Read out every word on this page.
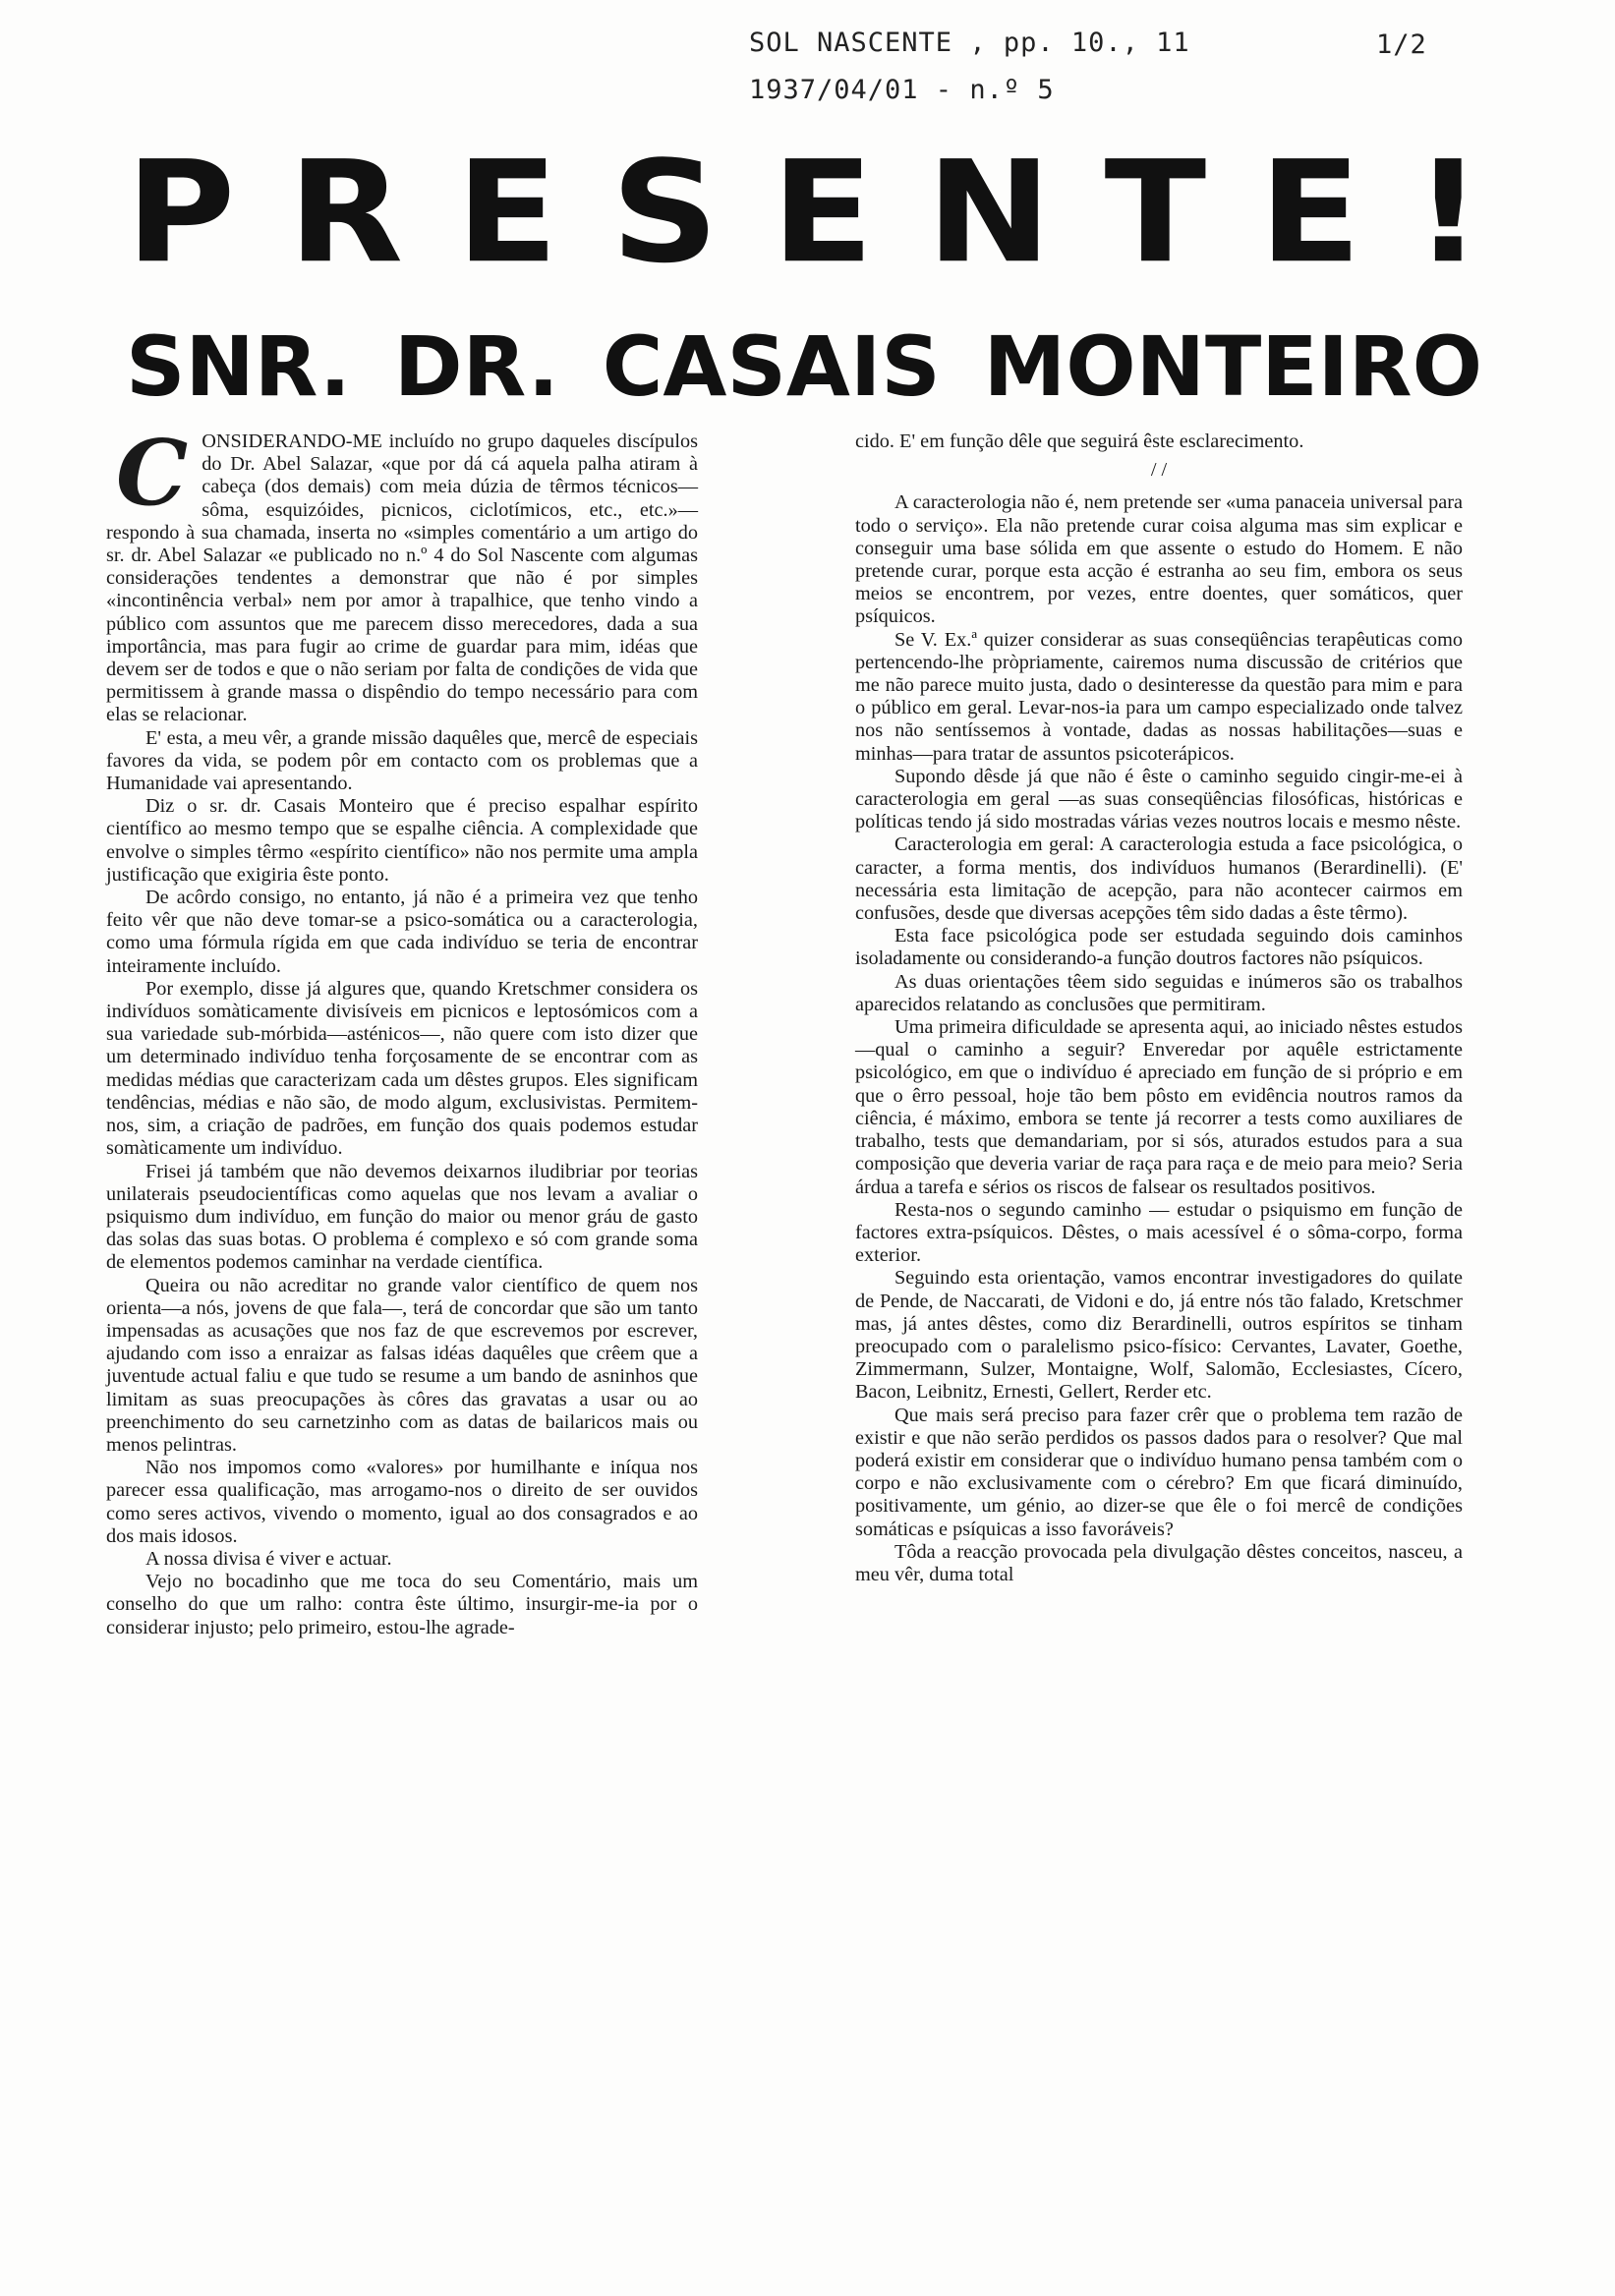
SOL NASCENTE , pp. 10., 11	1/2
1937/04/01 - n.º 5
P R E S E N T E !
SNR. DR. CASAIS MONTEIRO

CONSIDERANDO-ME incluído no grupo daqueles discípulos do Dr. Abel Salazar, «que por dá cá aquela palha atiram à cabeça (dos demais) com meia dúzia de têrmos técnicos—sôma, esquizóides, picnicos, ciclotímicos, etc., etc.»—respondo à sua chamada, inserta no «simples comentário a um artigo do sr. dr. Abel Salazar «e publicado no n.º 4 do Sol Nascente com algumas considerações tendentes a demonstrar que não é por simples «incontinência verbal» nem por amor à trapalhice, que tenho vindo a público com assuntos que me parecem disso merecedores, dada a sua importância, mas para fugir ao crime de guardar para mim, idéas que devem ser de todos e que o não seriam por falta de condições de vida que permitissem à grande massa o dispêndio do tempo necessário para com elas se relacionar.

E' esta, a meu vêr, a grande missão daquêles que, mercê de especiais favores da vida, se podem pôr em contacto com os problemas que a Humanidade vai apresentando.

Diz o sr. dr. Casais Monteiro que é preciso espalhar espírito científico ao mesmo tempo que se espalhe ciência. A complexidade que envolve o simples têrmo «espírito científico» não nos permite uma ampla justificação que exigiria êste ponto.

De acôrdo consigo, no entanto, já não é a primeira vez que tenho feito vêr que não deve tomar-se a psico-somática ou a caracterologia, como uma fórmula rígida em que cada indivíduo se teria de encontrar inteiramente incluído.

Por exemplo, disse já algures que, quando Kretschmer considera os indivíduos somàticamente divisíveis em picnicos e leptosómicos com a sua variedade sub-mórbida—asténicos—, não quere com isto dizer que um determinado indivíduo tenha forçosamente de se encontrar com as medidas médias que caracterizam cada um dêstes grupos. Eles significam tendências, médias e não são, de modo algum, exclusivistas. Permitem-nos, sim, a criação de padrões, em função dos quais podemos estudar somàticamente um indivíduo.

Frisei já também que não devemos deixarnos iludibriar por teorias unilaterais pseudocientíficas como aquelas que nos levam a avaliar o psiquismo dum indivíduo, em função do maior ou menor gráu de gasto das solas das suas botas. O problema é complexo e só com grande soma de elementos podemos caminhar na verdade científica.

Queira ou não acreditar no grande valor científico de quem nos orienta—a nós, jovens de que fala—, terá de concordar que são um tanto impensadas as acusações que nos faz de que escrevemos por escrever, ajudando com isso a enraizar as falsas idéas daquêles que crêem que a juventude actual faliu e que tudo se resume a um bando de asninhos que limitam as suas preocupações às côres das gravatas a usar ou ao preenchimento do seu carnetzinho com as datas de bailaricos mais ou menos pelintras.

Não nos impomos como «valores» por humilhante e iníqua nos parecer essa qualificação, mas arrogamo-nos o direito de ser ouvidos como seres activos, vivendo o momento, igual ao dos consagrados e ao dos mais idosos.

A nossa divisa é viver e actuar.

Vejo no bocadinho que me toca do seu Comentário, mais um conselho do que um ralho: contra êste último, insurgir-me-ia por o considerar injusto; pelo primeiro, estou-lhe agrade-

cido. E' em função dêle que seguirá êste esclarecimento.

/ /

A caracterologia não é, nem pretende ser «uma panaceia universal para todo o serviço». Ela não pretende curar coisa alguma mas sim explicar e conseguir uma base sólida em que assente o estudo do Homem. E não pretende curar, porque esta acção é estranha ao seu fim, embora os seus meios se encontrem, por vezes, entre doentes, quer somáticos, quer psíquicos.

Se V. Ex.ª quizer considerar as suas conseqüências terapêuticas como pertencendo-lhe pròpriamente, cairemos numa discussão de critérios que me não parece muito justa, dado o desinteresse da questão para mim e para o público em geral. Levar-nos-ia para um campo especializado onde talvez nos não sentíssemos à vontade, dadas as nossas habilitações—suas e minhas—para tratar de assuntos psicoterápicos.

Supondo dêsde já que não é êste o caminho seguido cingir-me-ei à caracterologia em geral —as suas conseqüências filosóficas, históricas e políticas tendo já sido mostradas várias vezes noutros locais e mesmo nêste.

Caracterologia em geral: A caracterologia estuda a face psicológica, o caracter, a forma mentis, dos indivíduos humanos (Berardinelli). (E' necessária esta limitação de acepção, para não acontecer cairmos em confusões, desde que diversas acepções têm sido dadas a êste têrmo).

Esta face psicológica pode ser estudada seguindo dois caminhos isoladamente ou considerando-a função doutros factores não psíquicos.

As duas orientações têem sido seguidas e inúmeros são os trabalhos aparecidos relatando as conclusões que permitiram.

Uma primeira dificuldade se apresenta aqui, ao iniciado nêstes estudos—qual o caminho a seguir? Enveredar por aquêle estrictamente psicológico, em que o indivíduo é apreciado em função de si próprio e em que o êrro pessoal, hoje tão bem pôsto em evidência noutros ramos da ciência, é máximo, embora se tente já recorrer a tests como auxiliares de trabalho, tests que demandariam, por si sós, aturados estudos para a sua composição que deveria variar de raça para raça e de meio para meio? Seria árdua a tarefa e sérios os riscos de falsear os resultados positivos.

Resta-nos o segundo caminho — estudar o psiquismo em função de factores extra-psíquicos. Dêstes, o mais acessível é o sôma-corpo, forma exterior.

Seguindo esta orientação, vamos encontrar investigadores do quilate de Pende, de Naccarati, de Vidoni e do, já entre nós tão falado, Kretschmer mas, já antes dêstes, como diz Berardinelli, outros espíritos se tinham preocupado com o paralelismo psico-físico: Cervantes, Lavater, Goethe, Zimmermann, Sulzer, Montaigne, Wolf, Salomão, Ecclesiastes, Cícero, Bacon, Leibnitz, Ernesti, Gellert, Rerder etc.

Que mais será preciso para fazer crêr que o problema tem razão de existir e que não serão perdidos os passos dados para o resolver? Que mal poderá existir em considerar que o indivíduo humano pensa também com o corpo e não exclusivamente com o cérebro? Em que ficará diminuído, positivamente, um génio, ao dizer-se que êle o foi mercê de condições somáticas e psíquicas a isso favoráveis?

Tôda a reacção provocada pela divulgação dêstes conceitos, nasceu, a meu vêr, duma total
